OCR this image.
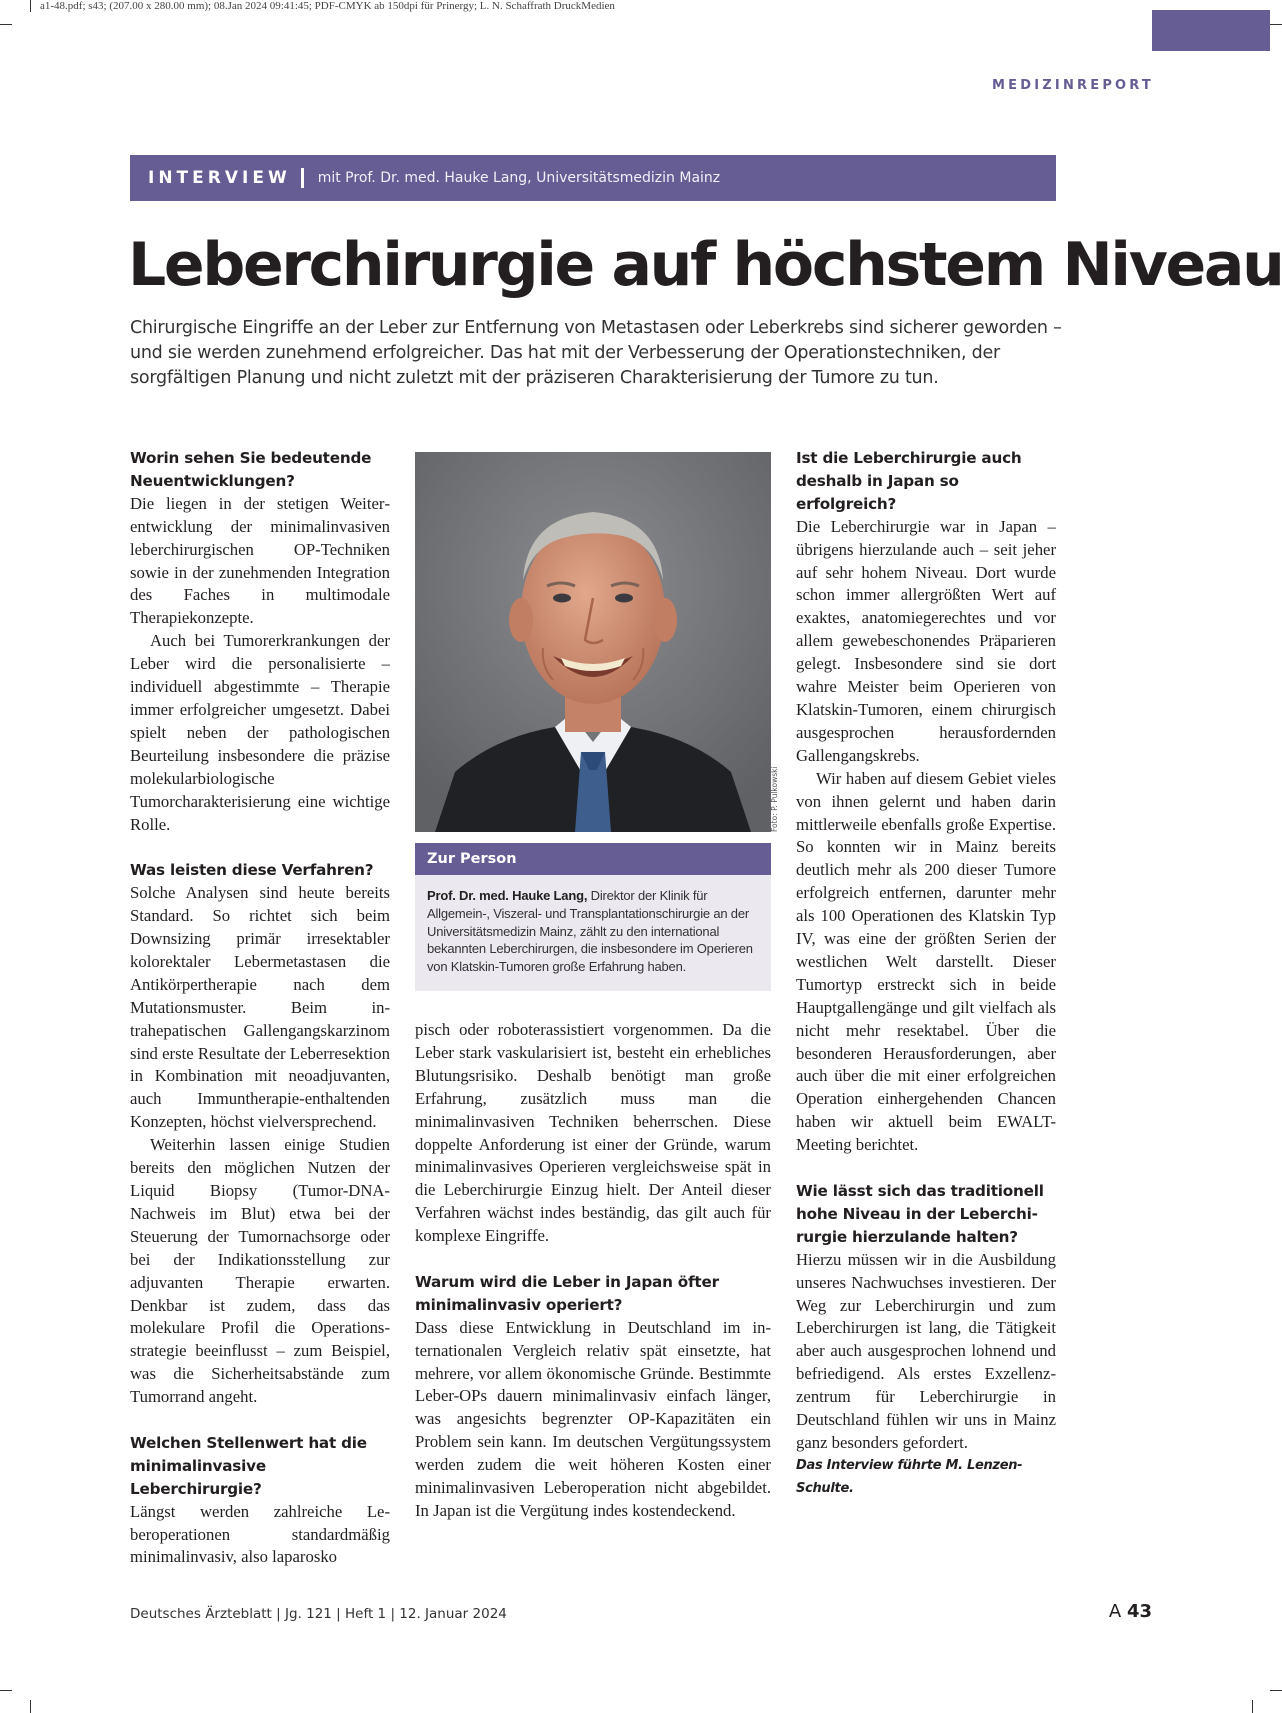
a1-48.pdf; s43; (207.00 x 280.00 mm); 08.Jan 2024 09:41:45; PDF-CMYK ab 150dpi für Prinergy; L. N. Schaffrath DruckMedien
MEDIZINREPORT
INTERVIEW mit Prof. Dr. med. Hauke Lang, Universitätsmedizin Mainz
Leberchirurgie auf höchstem Niveau

Chirurgische Eingriffe an der Leber zur Entfernung von Metastasen oder Leberkrebs sind sicherer geworden – und sie werden zunehmend erfolgreicher. Das hat mit der Verbesserung der Operationstechniken, der sorgfältigen Planung und nicht zuletzt mit der präziseren Charakterisierung der Tumore zu tun.

Worin sehen Sie bedeutende Neuentwicklungen?

Die liegen in der stetigen Weiterentwicklung der minimalinvasiven leberchirurgischen OP-Techniken sowie in der zunehmenden Integration des Faches in multimodale Therapiekonzepte.

Auch bei Tumorerkrankungen der Leber wird die personalisierte – individuell abgestimmte – Therapie immer erfolgreicher umgesetzt. Dabei spielt neben der pathologischen Beurteilung insbesondere die präzise molekularbiologische Tumorcharakterisierung eine wichtige Rolle.

Was leisten diese Verfahren?

Solche Analysen sind heute bereits Standard. So richtet sich beim Downsizing primär irresektabler kolorektaler Lebermetastasen die Antikörpertherapie nach dem Mutationsmuster. Beim intrahepatischen Gallengangskarzinom sind erste Resultate der Leberresektion in Kombination mit neoadjuvanten, auch Immuntherapie-enthaltenden Konzepten, höchst vielversprechend.

Weiterhin lassen einige Studien bereits den möglichen Nutzen der Liquid Biopsy (Tumor-DNA-Nachweis im Blut) etwa bei der Steuerung der Tumornachsorge oder bei der Indikationsstellung zur adjuvanten Therapie erwarten. Denkbar ist zudem, dass das molekulare Profil die Operationsstrategie beeinflusst – zum Beispiel, was die Sicherheitsabstände zum Tumorrand angeht.

Welchen Stellenwert hat die minimalinvasive Leberchirurgie?

Längst werden zahlreiche Leberoperationen standardmäßig minimalinvasiv, also laparosko

Foto: P. Pulkowski
Zur Person
Prof. Dr. med. Hauke Lang, Direktor der Klinik für Allgemein-, Viszeral- und Transplantationschirurgie an der Universitätsmedizin Mainz, zählt zu den international bekannten Leberchirurgen, die insbesondere im Operieren von Klatskin-Tumoren große Erfahrung haben.

pisch oder roboterassistiert vorgenommen. Da die Leber stark vaskularisiert ist, besteht ein erhebliches Blutungsrisiko. Deshalb benötigt man große Erfahrung, zusätzlich muss man die minimalinvasiven Techniken beherrschen. Diese doppelte Anforderung ist einer der Gründe, warum minimalinvasives Operieren vergleichsweise spät in die Leberchirurgie Einzug hielt. Der Anteil dieser Verfahren wächst indes beständig, das gilt auch für komplexe Eingriffe.

Warum wird die Leber in Japan öfter minimalinvasiv operiert?

Dass diese Entwicklung in Deutschland im internationalen Vergleich relativ spät einsetzte, hat mehrere, vor allem ökonomische Gründe. Bestimmte Leber-OPs dauern minimalinvasiv einfach länger, was angesichts begrenzter OP-Kapazitäten ein Problem sein kann. Im deutschen Vergütungssystem werden zudem die weit höheren Kosten einer minimalinvasiven Leberoperation nicht abgebildet. In Japan ist die Vergütung indes kostendeckend.

Ist die Leberchirurgie auch deshalb in Japan so erfolgreich?

Die Leberchirurgie war in Japan – übrigens hierzulande auch – seit jeher auf sehr hohem Niveau. Dort wurde schon immer allergrößten Wert auf exaktes, anatomiegerechtes und vor allem gewebeschonendes Präparieren gelegt. Insbesondere sind sie dort wahre Meister beim Operieren von Klatskin-Tumoren, einem chirurgisch ausgesprochen herausfordernden Gallengangskrebs.

Wir haben auf diesem Gebiet vieles von ihnen gelernt und haben darin mittlerweile ebenfalls große Expertise. So konnten wir in Mainz bereits deutlich mehr als 200 dieser Tumore erfolgreich entfernen, darunter mehr als 100 Operationen des Klatskin Typ IV, was eine der größten Serien der westlichen Welt darstellt. Dieser Tumortyp erstreckt sich in beide Hauptgallengänge und gilt vielfach als nicht mehr resektabel. Über die besonderen Herausforderungen, aber auch über die mit einer erfolgreichen Operation einhergehenden Chancen haben wir aktuell beim EWALT-Meeting berichtet.

Wie lässt sich das traditionell hohe Niveau in der Leberchirurgie hierzulande halten?

Hierzu müssen wir in die Ausbildung unseres Nachwuchses investieren. Der Weg zur Leberchirurgin und zum Leberchirurgen ist lang, die Tätigkeit aber auch ausgesprochen lohnend und befriedigend. Als erstes Exzellenzzentrum für Leberchirurgie in Deutschland fühlen wir uns in Mainz ganz besonders gefordert.

Das Interview führte M. Lenzen-Schulte.
Deutsches Ärzteblatt | Jg. 121 | Heft 1 | 12. Januar 2024	A 43
